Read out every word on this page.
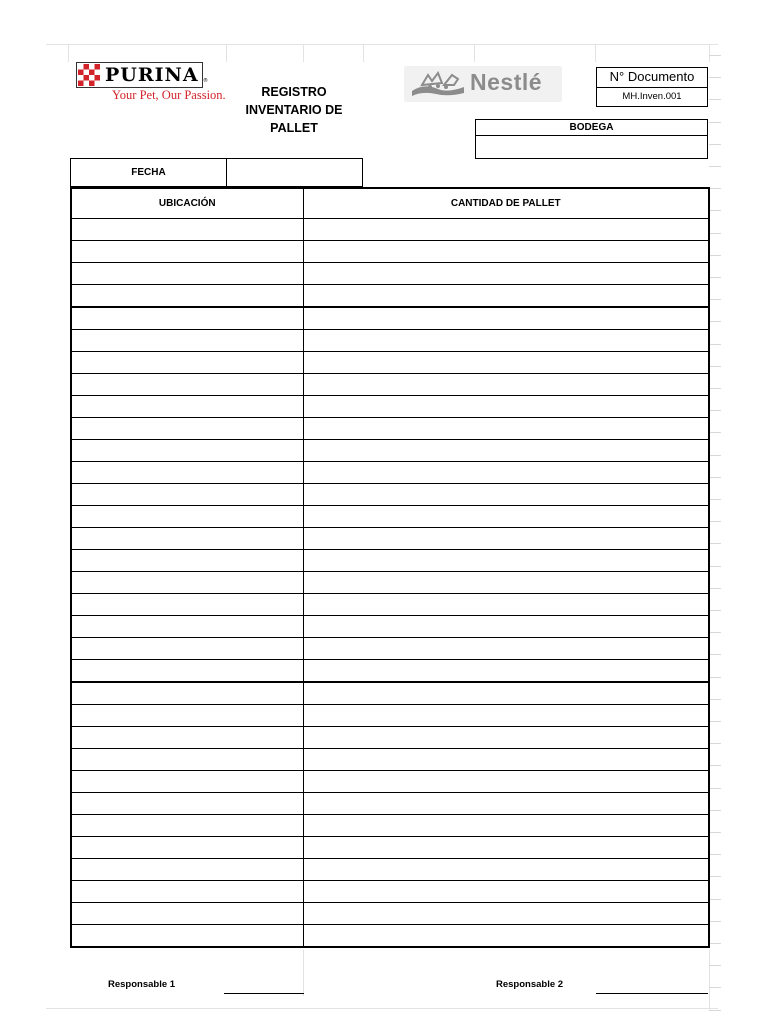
PURINA ®
Your Pet, Our Passion.	REGISTRO
INVENTARIO DE
PALLET
Nestlé	N° Documento
MH.Inven.001
BODEGA
FECHA
UBICACIÓN	CANTIDAD DE PALLET

Responsable 1	Responsable 2
